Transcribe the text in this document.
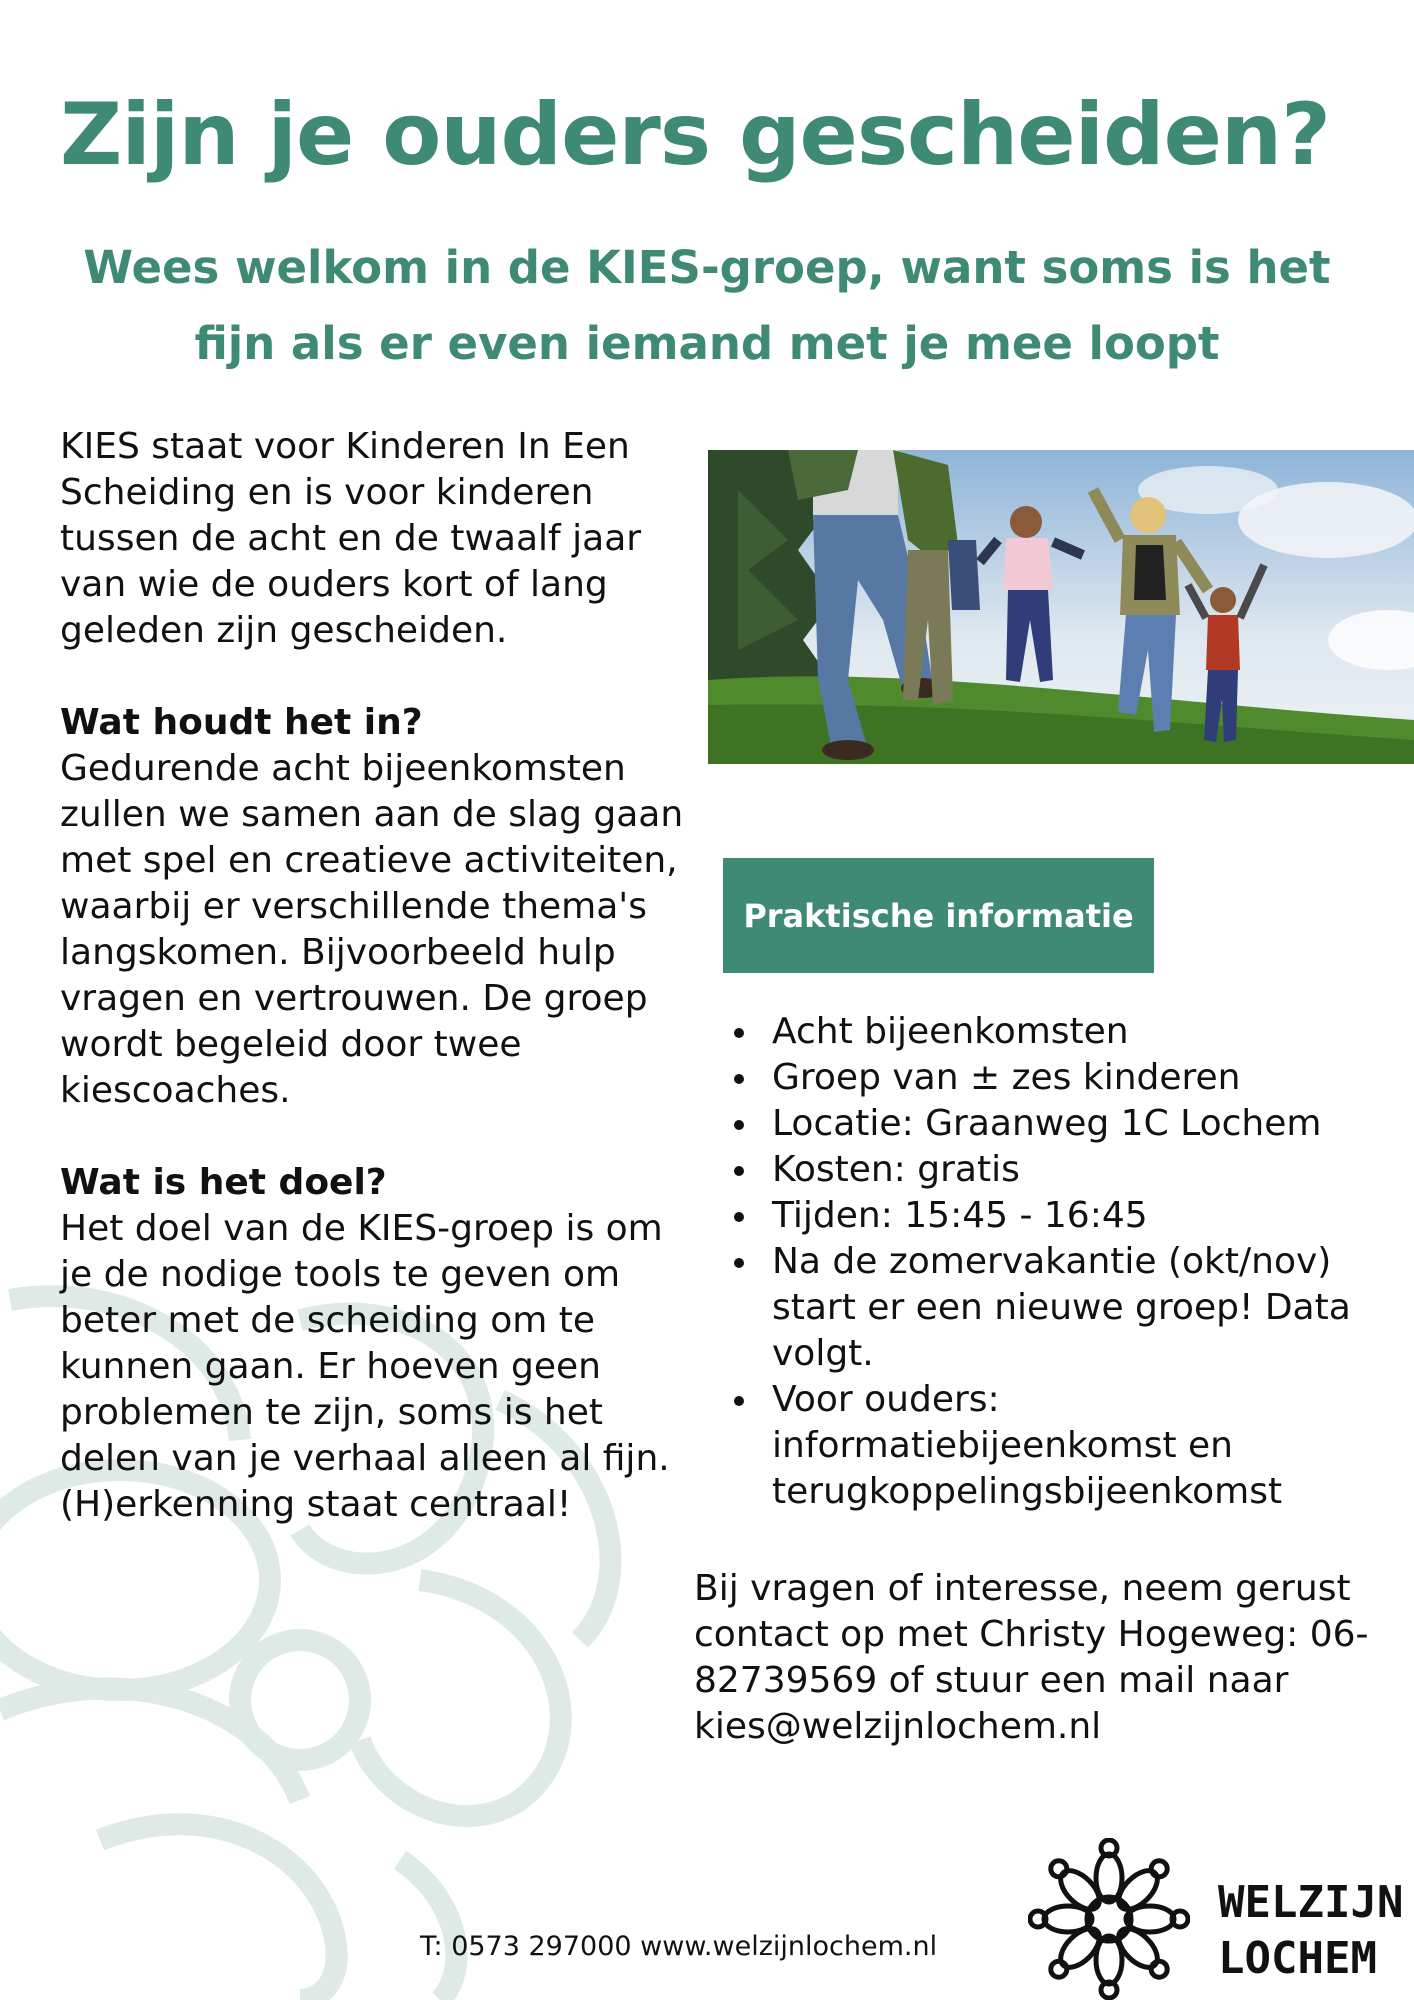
Zijn je ouders gescheiden?
Wees welkom in de KIES-groep, want soms is het
fijn als er even iemand met je mee loopt

KIES staat voor Kinderen In Een Scheiding en is voor kinderen tussen de acht en de twaalf jaar van wie de ouders kort of lang geleden zijn gescheiden.

Wat houdt het in?

Gedurende acht bijeenkomsten zullen we samen aan de slag gaan met spel en creatieve activiteiten, waarbij er verschillende thema's langskomen. Bijvoorbeeld hulp vragen en vertrouwen. De groep wordt begeleid door twee kiescoaches.

Wat is het doel?

Het doel van de KIES-groep is om je de nodige tools te geven om beter met de scheiding om te kunnen gaan. Er hoeven geen problemen te zijn, soms is het delen van je verhaal alleen al fijn. (H)erkenning staat centraal!

Praktische informatie
Acht bijeenkomsten
Groep van ± zes kinderen
Locatie: Graanweg 1C Lochem
Kosten: gratis
Tijden: 15:45 - 16:45
Na de zomervakantie (okt/nov) start er een nieuwe groep! Data volgt.
Voor ouders: informatiebijeenkomst en terugkoppelingsbijeenkomst

Bij vragen of interesse, neem gerust contact op met Christy Hogeweg: 06-82739569 of stuur een mail naar kies@welzijnlochem.nl

T: 0573 297000 www.welzijnlochem.nl
WELZIJN
LOCHEM
